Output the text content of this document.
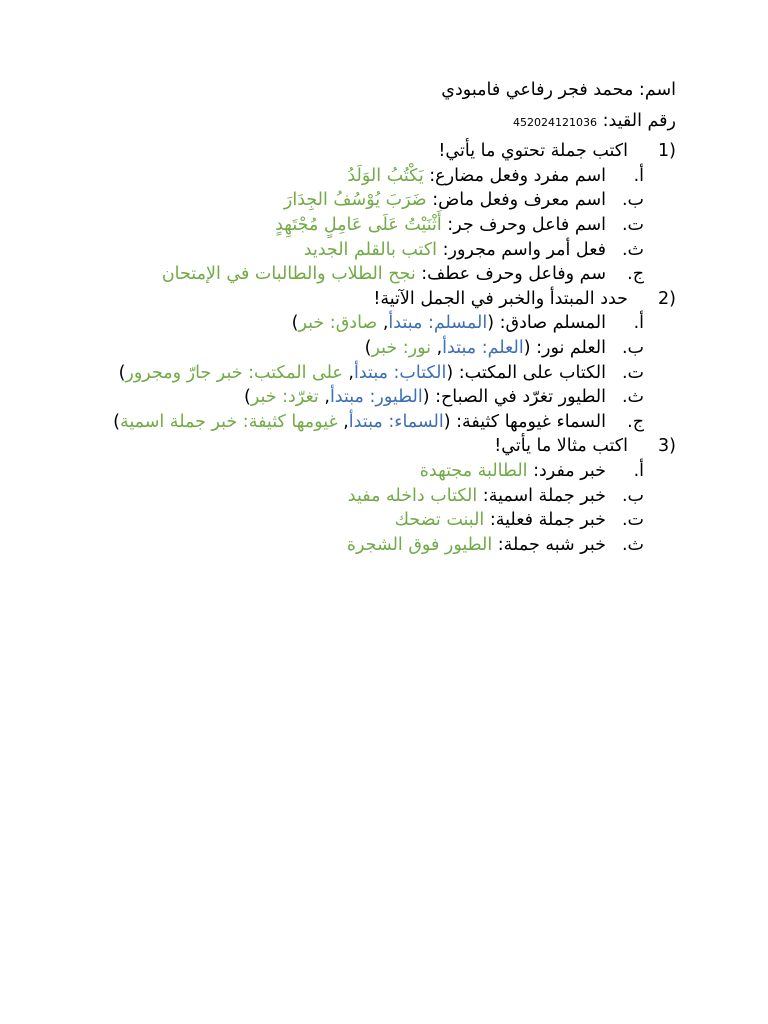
اسم: محمد فجر رفاعي فامبودي
رقم القيد: 452024121036
1)
اكتب جملة تحتوي ما يأتي!
أ.
اسم مفرد وفعل مضارع: يَكْتُبُ الوَلَدُ
ب.
اسم معرف وفعل ماض: ضَرَبَ يُوْسُفُ الجِدَارَ
ت.
اسم فاعل وحرف جر: أَثْنَيْتُ عَلَى عَامِلٍ مُجْتَهِدٍ
ث.
فعل أمر واسم مجرور: اكتب بالقلم الجديد
ج.
سم وفاعل وحرف عطف: نجح الطلاب والطالبات في الإمتحان
2)
حدد المبتدأ والخبر في الجمل الآتية!
أ.
المسلم صادق: (المسلم: مبتدأ, صادق: خبر)
ب.
العلم نور: (العلم: مبتدأ, نور: خبر)
ت.
الكتاب على المكتب: (الكتاب: مبتدأ, على المكتب: خبر جارّ ومجرور)
ث.
الطيور تغرّد في الصباح: (الطيور: مبتدأ, تغرّد: خبر)
ج.
السماء غيومها كثيفة: (السماء: مبتدأ, غيومها كثيفة: خبر جملة اسمية)
3)
اكتب مثالا ما يأتي!
أ.
خبر مفرد: الطالبة مجتهدة
ب.
خبر جملة اسمية: الكتاب داخله مفيد
ت.
خبر جملة فعلية: البنت تضحك
ث.
خبر شبه جملة: الطيور فوق الشجرة
